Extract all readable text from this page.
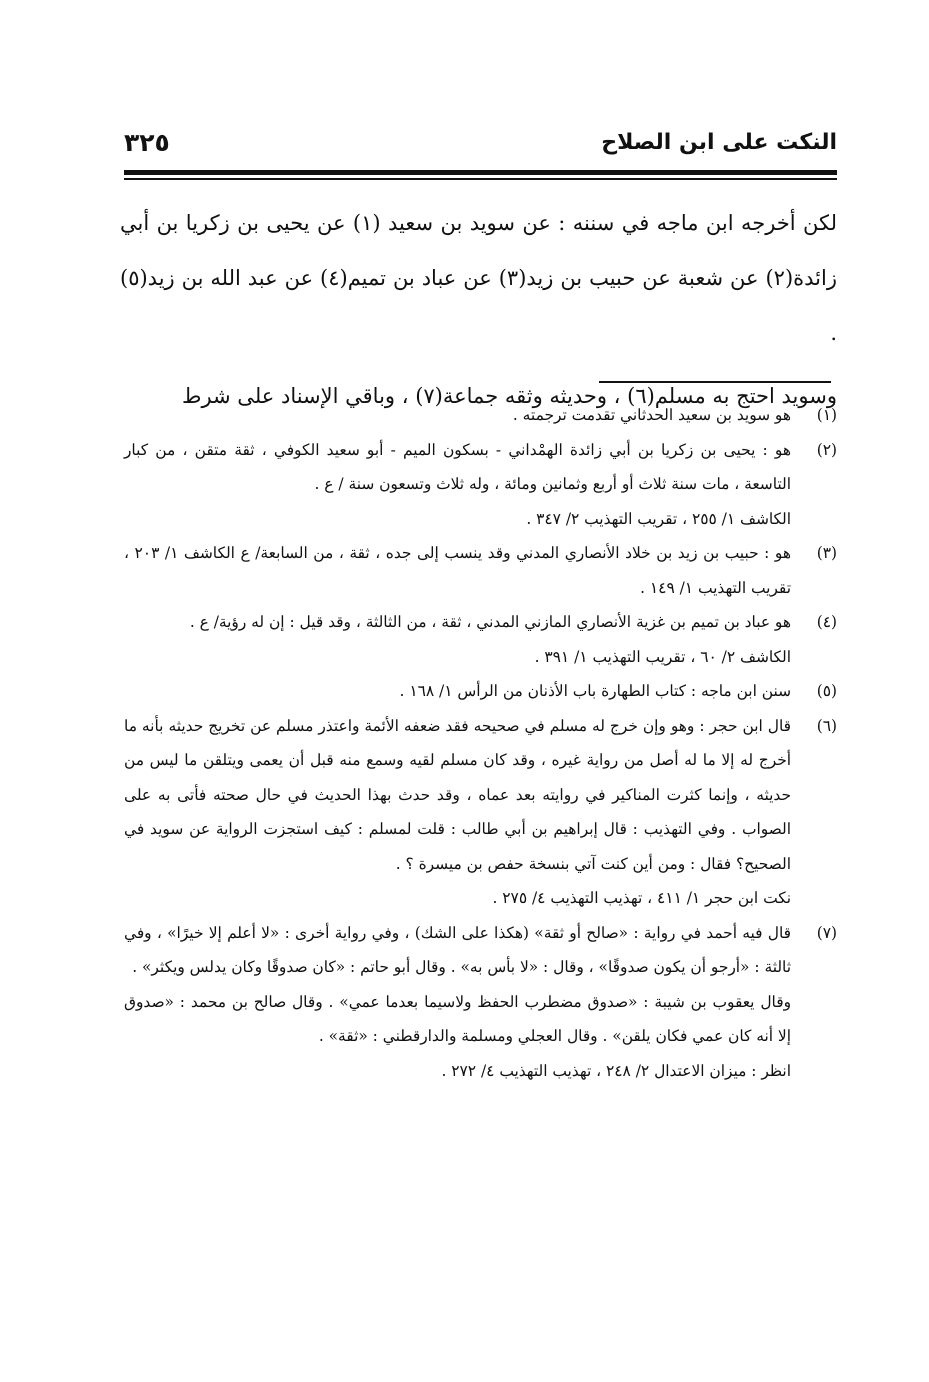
النكت على ابن الصلاح
٣٢٥

لكن أخرجه ابن ماجه في سننه : عن سويد بن سعيد (١) عن يحيى بن زكريا بن أبي زائدة(٢) عن شعبة عن حبيب بن زيد(٣) عن عباد بن تميم(٤) عن عبد الله بن زيد(٥) .

وسويد احتج به مسلم(٦) ، وحديثه وثقه جماعة(٧) ، وباقي الإسناد على شرط

(١)

هو سويد بن سعيد الحدثاني تقدمت ترجمته .

(٢)

هو : يحيى بن زكريا بن أبي زائدة الهمْداني - بسكون الميم - أبو سعيد الكوفي ، ثقة متقن ، من كبار التاسعة ، مات سنة ثلاث أو أربع وثمانين ومائة ، وله ثلاث وتسعون سنة / ع .

الكاشف ١/ ٢٥٥ ، تقريب التهذيب ٢/ ٣٤٧ .

(٣)

هو : حبيب بن زيد بن خلاد الأنصاري المدني وقد ينسب إلى جده ، ثقة ، من السابعة/ ع الكاشف ١/ ٢٠٣ ، تقريب التهذيب ١/ ١٤٩ .

(٤)

هو عباد بن تميم بن غزية الأنصاري المازني المدني ، ثقة ، من الثالثة ، وقد قيل : إن له رؤية/ ع .

الكاشف ٢/ ٦٠ ، تقريب التهذيب ١/ ٣٩١ .

(٥)

سنن ابن ماجه : كتاب الطهارة باب الأذنان من الرأس ١/ ١٦٨ .

(٦)

قال ابن حجر : وهو وإن خرج له مسلم في صحيحه فقد ضعفه الأئمة واعتذر مسلم عن تخريج حديثه بأنه ما أخرج له إلا ما له أصل من رواية غيره ، وقد كان مسلم لقيه وسمع منه قبل أن يعمى ويتلقن ما ليس من حديثه ، وإنما كثرت المناكير في روايته بعد عماه ، وقد حدث بهذا الحديث في حال صحته فأتى به على الصواب . وفي التهذيب : قال إبراهيم بن أبي طالب : قلت لمسلم : كيف استجزت الرواية عن سويد في الصحيح؟ فقال : ومن أين كنت آتي بنسخة حفص بن ميسرة ؟ .

نكت ابن حجر ١/ ٤١١ ، تهذيب التهذيب ٤/ ٢٧٥ .

(٧)

قال فيه أحمد في رواية : «صالح أو ثقة» (هكذا على الشك) ، وفي رواية أخرى : «لا أعلم إلا خيرًا» ، وفي ثالثة : «أرجو أن يكون صدوقًا» ، وقال : «لا بأس به» . وقال أبو حاتم : «كان صدوقًا وكان يدلس ويكثر» .

وقال يعقوب بن شيبة : «صدوق مضطرب الحفظ ولاسيما بعدما عمي» . وقال صالح بن محمد : «صدوق إلا أنه كان عمي فكان يلقن» . وقال العجلي ومسلمة والدارقطني : «ثقة» .

انظر : ميزان الاعتدال ٢/ ٢٤٨ ، تهذيب التهذيب ٤/ ٢٧٢ .
